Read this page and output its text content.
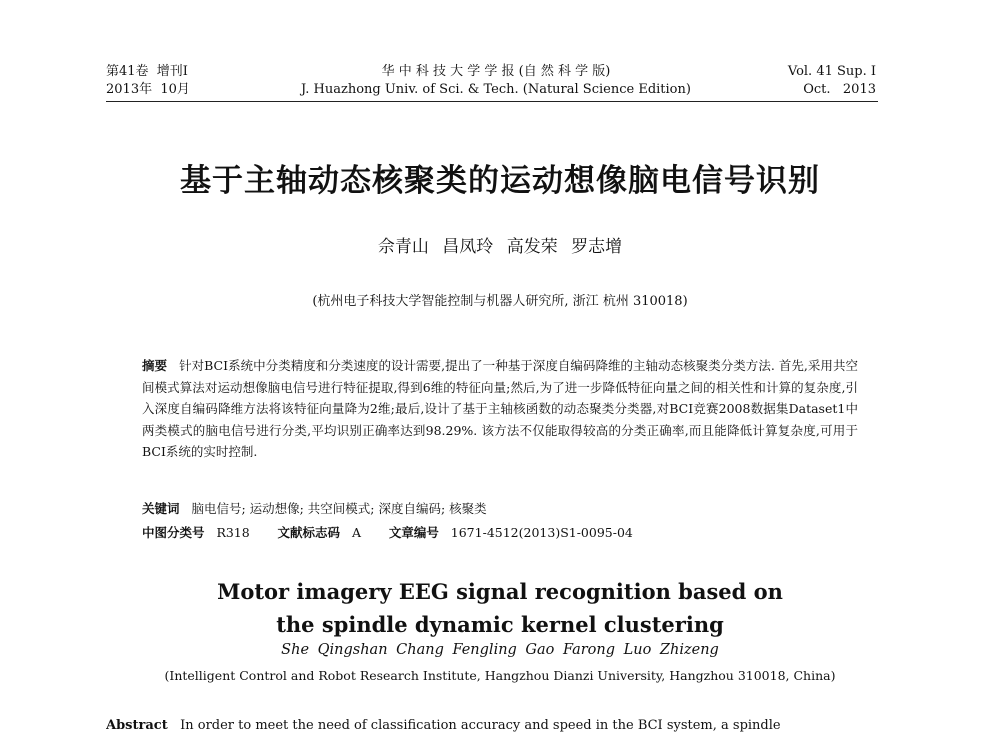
第41卷  增刊Ⅰ
2013年  10月
华 中 科 技 大 学 学 报 (自 然 科 学 版)
J. Huazhong Univ. of Sci. & Tech. (Natural Science Edition)
Vol. 41 Sup. Ⅰ
Oct.   2013
基于主轴动态核聚类的运动想像脑电信号识别
佘青山 昌凤玲 高发荣 罗志增
(杭州电子科技大学智能控制与机器人研究所, 浙江 杭州 310018)
摘要 针对BCI系统中分类精度和分类速度的设计需要,提出了一种基于深度自编码降维的主轴动态核聚类分类方法. 首先,采用共空间模式算法对运动想像脑电信号进行特征提取,得到6维的特征向量;然后,为了进一步降低特征向量之间的相关性和计算的复杂度,引入深度自编码降维方法将该特征向量降为2维;最后,设计了基于主轴核函数的动态聚类分类器,对BCI竞赛2008数据集Dataset1中两类模式的脑电信号进行分类,平均识别正确率达到98.29%. 该方法不仅能取得较高的分类正确率,而且能降低计算复杂度,可用于BCI系统的实时控制.
关键词 脑电信号; 运动想像; 共空间模式; 深度自编码; 核聚类
中图分类号 R318 文献标志码 A 文章编号 1671-4512(2013)S1-0095-04
Motor imagery EEG signal recognition based on
the spindle dynamic kernel clustering
She Qingshan Chang Fengling Gao Farong Luo Zhizeng
(Intelligent Control and Robot Research Institute, Hangzhou Dianzi University, Hangzhou 310018, China)
Abstract In order to meet the need of classification accuracy and speed in the BCI system, a spindle
